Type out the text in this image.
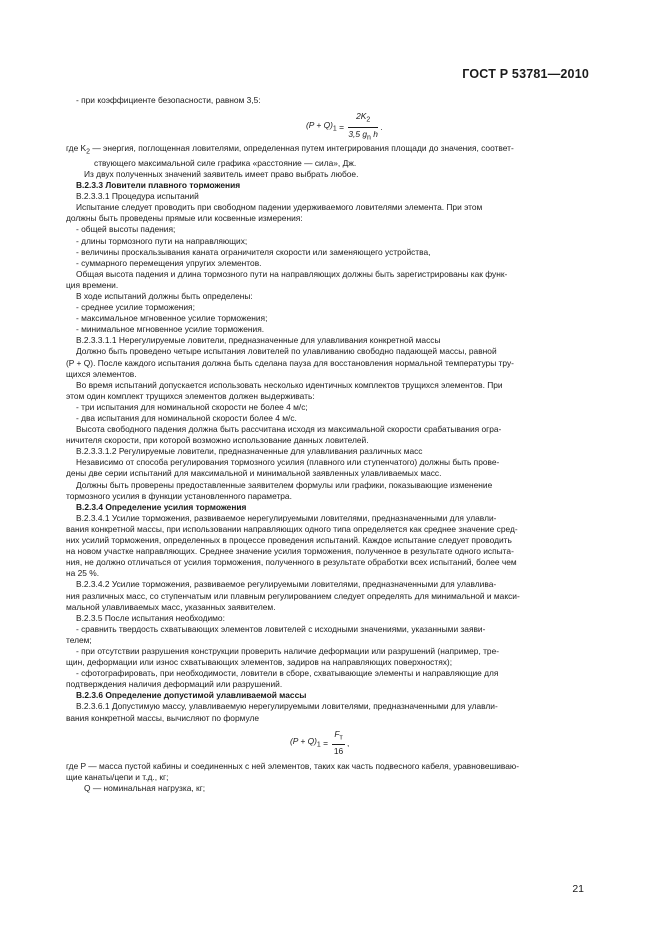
ГОСТ Р 53781—2010

- при коэффициенте безопасности, равном 3,5:

$(P + Q)_1 = \frac{2K_2}{3,5 g_n h}$ .

где $K_2$ — энергия, поглощенная ловителями, определенная путем интегрирования площади до значения, соответ-

ствующего максимальной силе графика «расстояние — сила», Дж.

Из двух полученных значений заявитель имеет право выбрать любое.

В.2.3.3 Ловители плавного торможения

В.2.3.3.1 Процедура испытаний

Испытание следует проводить при свободном падении удерживаемого ловителями элемента. При этом

должны быть проведены прямые или косвенные измерения:

- общей высоты падения;

- длины тормозного пути на направляющих;

- величины проскальзывания каната ограничителя скорости или заменяющего устройства,

- суммарного перемещения упругих элементов.

Общая высота падения и длина тормозного пути на направляющих должны быть зарегистрированы как функ-

ция времени.

В ходе испытаний должны быть определены:

- среднее усилие торможения;

- максимальное мгновенное усилие торможения;

- минимальное мгновенное усилие торможения.

В.2.3.3.1.1 Нерегулируемые ловители, предназначенные для улавливания конкретной массы

Должно быть проведено четыре испытания ловителей по улавливанию свободно падающей массы, равной

(P + Q). После каждого испытания должна быть сделана пауза для восстановления нормальной температуры тру-

щихся элементов.

Во время испытаний допускается использовать несколько идентичных комплектов трущихся элементов. При

этом один комплект трущихся элементов должен выдерживать:

- три испытания для номинальной скорости не более 4 м/с;

- два испытания для номинальной скорости более 4 м/с.

Высота свободного падения должна быть рассчитана исходя из максимальной скорости срабатывания огра-

ничителя скорости, при которой возможно использование данных ловителей.

В.2.3.3.1.2 Регулируемые ловители, предназначенные для улавливания различных масс

Независимо от способа регулирования тормозного усилия (плавного или ступенчатого) должны быть прове-

дены две серии испытаний для максимальной и минимальной заявленных улавливаемых масс.

Должны быть проверены предоставленные заявителем формулы или графики, показывающие изменение

тормозного усилия в функции установленного параметра.

В.2.3.4 Определение усилия торможения

В.2.3.4.1 Усилие торможения, развиваемое нерегулируемыми ловителями, предназначенными для улавли-

вания конкретной массы, при использовании направляющих одного типа определяется как среднее значение сред-

них усилий торможения, определенных в процессе проведения испытаний. Каждое испытание следует проводить

на новом участке направляющих. Среднее значение усилия торможения, полученное в результате одного испыта-

ния, не должно отличаться от усилия торможения, полученного в результате обработки всех испытаний, более чем

на 25 %.

В.2.3.4.2 Усилие торможения, развиваемое регулируемыми ловителями, предназначенными для улавлива-

ния различных масс, со ступенчатым или плавным регулированием следует определять для минимальной и макси-

мальной улавливаемых масс, указанных заявителем.

В.2.3.5 После испытания необходимо:

- сравнить твердость схватывающих элементов ловителей с исходными значениями, указанными заяви-

телем;

- при отсутствии разрушения конструкции проверить наличие деформации или разрушений (например, тре-

щин, деформации или износ схватывающих элементов, задиров на направляющих поверхностях);

- сфотографировать, при необходимости, ловители в сборе, схватывающие элементы и направляющие для

подтверждения наличия деформаций или разрушений.

В.2.3.6 Определение допустимой улавливаемой массы

В.2.3.6.1 Допустимую массу, улавливаемую нерегулируемыми ловителями, предназначенными для улавли-

вания конкретной массы, вычисляют по формуле

$(P + Q)_1 = \frac{F_т}{16}$ ,

где P — масса пустой кабины и соединенных с ней элементов, таких как часть подвесного кабеля, уравновешиваю-

щие канаты/цепи и т.д., кг;

Q — номинальная нагрузка, кг;

21
